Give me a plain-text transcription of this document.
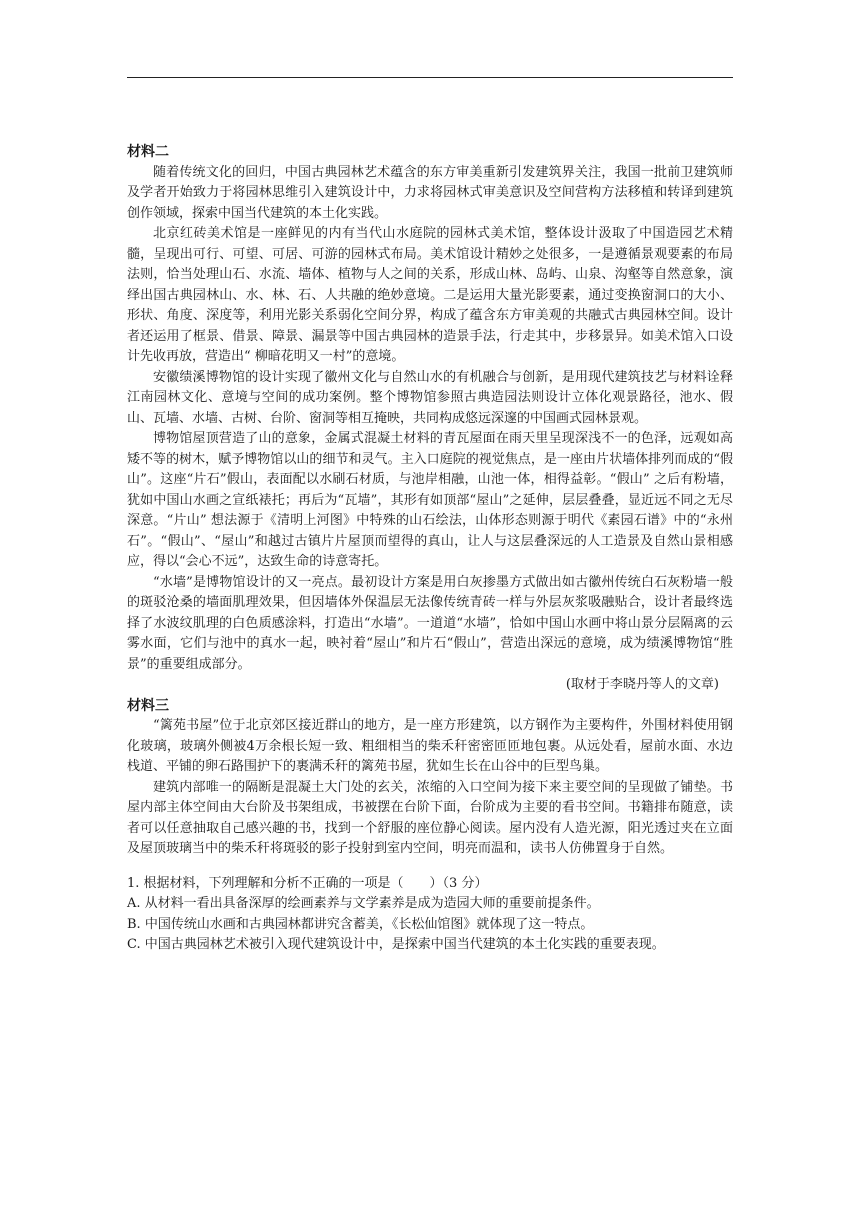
材料二

随着传统文化的回归，中国古典园林艺术蕴含的东方审美重新引发建筑界关注，我国一批前卫建筑师及学者开始致力于将园林思维引入建筑设计中，力求将园林式审美意识及空间营构方法移植和转译到建筑创作领域，探索中国当代建筑的本土化实践。

北京红砖美术馆是一座鲜见的内有当代山水庭院的园林式美术馆，整体设计汲取了中国造园艺术精髓，呈现出可行、可望、可居、可游的园林式布局。美术馆设计精妙之处很多，一是遵循景观要素的布局法则，恰当处理山石、水流、墙体、植物与人之间的关系，形成山林、岛屿、山泉、沟壑等自然意象，演绎出国古典园林山、水、林、石、人共融的绝妙意境。二是运用大量光影要素，通过变换窗洞口的大小、形状、角度、深度等，利用光影关系弱化空间分界，构成了蕴含东方审美观的共融式古典园林空间。设计者还运用了框景、借景、障景、漏景等中国古典园林的造景手法，行走其中，步移景异。如美术馆入口设计先收再放，营造出“ 柳暗花明又一村”的意境。

安徽绩溪博物馆的设计实现了徽州文化与自然山水的有机融合与创新，是用现代建筑技艺与材料诠释江南园林文化、意境与空间的成功案例。整个博物馆参照古典造园法则设计立体化观景路径，池水、假山、瓦墙、水墙、古树、台阶、窗洞等相互掩映，共同构成悠远深邃的中国画式园林景观。

博物馆屋顶营造了山的意象，金属式混凝土材料的青瓦屋面在雨天里呈现深浅不一的色泽，远观如高矮不等的树木，赋予博物馆以山的细节和灵气。主入口庭院的视觉焦点，是一座由片状墙体排列而成的“假山”。这座“片石”假山，表面配以水刷石材质，与池岸相融，山池一体，相得益彰。“假山” 之后有粉墙，犹如中国山水画之宣纸裱托；再后为“瓦墙”，其形有如顶部“屋山”之延伸，层层叠叠，显近远不同之无尽深意。“片山” 想法源于《清明上河图》中特殊的山石绘法，山体形态则源于明代《素园石谱》中的“永州石”。“假山”、“屋山”和越过古镇片片屋顶而望得的真山，让人与这层叠深远的人工造景及自然山景相感应，得以“会心不远”，达致生命的诗意寄托。

“水墙”是博物馆设计的又一亮点。最初设计方案是用白灰掺墨方式做出如古徽州传统白石灰粉墙一般的斑驳沧桑的墙面肌理效果，但因墙体外保温层无法像传统青砖一样与外层灰浆吸融贴合，设计者最终选择了水波纹肌理的白色质感涂料，打造出“水墙”。一道道“水墙”，恰如中国山水画中将山景分层隔离的云雾水面，它们与池中的真水一起，映衬着“屋山”和片石“假山”，营造出深远的意境，成为绩溪博物馆“胜景”的重要组成部分。

(取材于李晓丹等人的文章)

材料三

“篱苑书屋”位于北京郊区接近群山的地方，是一座方形建筑，以方钢作为主要构件，外围材料使用钢化玻璃，玻璃外侧被4万余根长短一致、粗细相当的柴禾秆密密匝匝地包裹。从远处看，屋前水面、水边栈道、平铺的卵石路围护下的裹满禾秆的篱苑书屋，犹如生长在山谷中的巨型鸟巢。

建筑内部唯一的隔断是混凝土大门处的玄关，浓缩的入口空间为接下来主要空间的呈现做了铺垫。书屋内部主体空间由大台阶及书架组成，书被摆在台阶下面，台阶成为主要的看书空间。书籍排布随意，读者可以任意抽取自己感兴趣的书，找到一个舒服的座位静心阅读。屋内没有人造光源，阳光透过夹在立面及屋顶玻璃当中的柴禾秆将斑驳的影子投射到室内空间，明亮而温和，读书人仿佛置身于自然。

1. 根据材料，下列理解和分析不正确的一项是（　　）（3 分）

A. 从材料一看出具备深厚的绘画素养与文学素养是成为造园大师的重要前提条件。

B. 中国传统山水画和古典园林都讲究含蓄美，《长松仙馆图》就体现了这一特点。

C. 中国古典园林艺术被引入现代建筑设计中，是探索中国当代建筑的本土化实践的重要表现。
